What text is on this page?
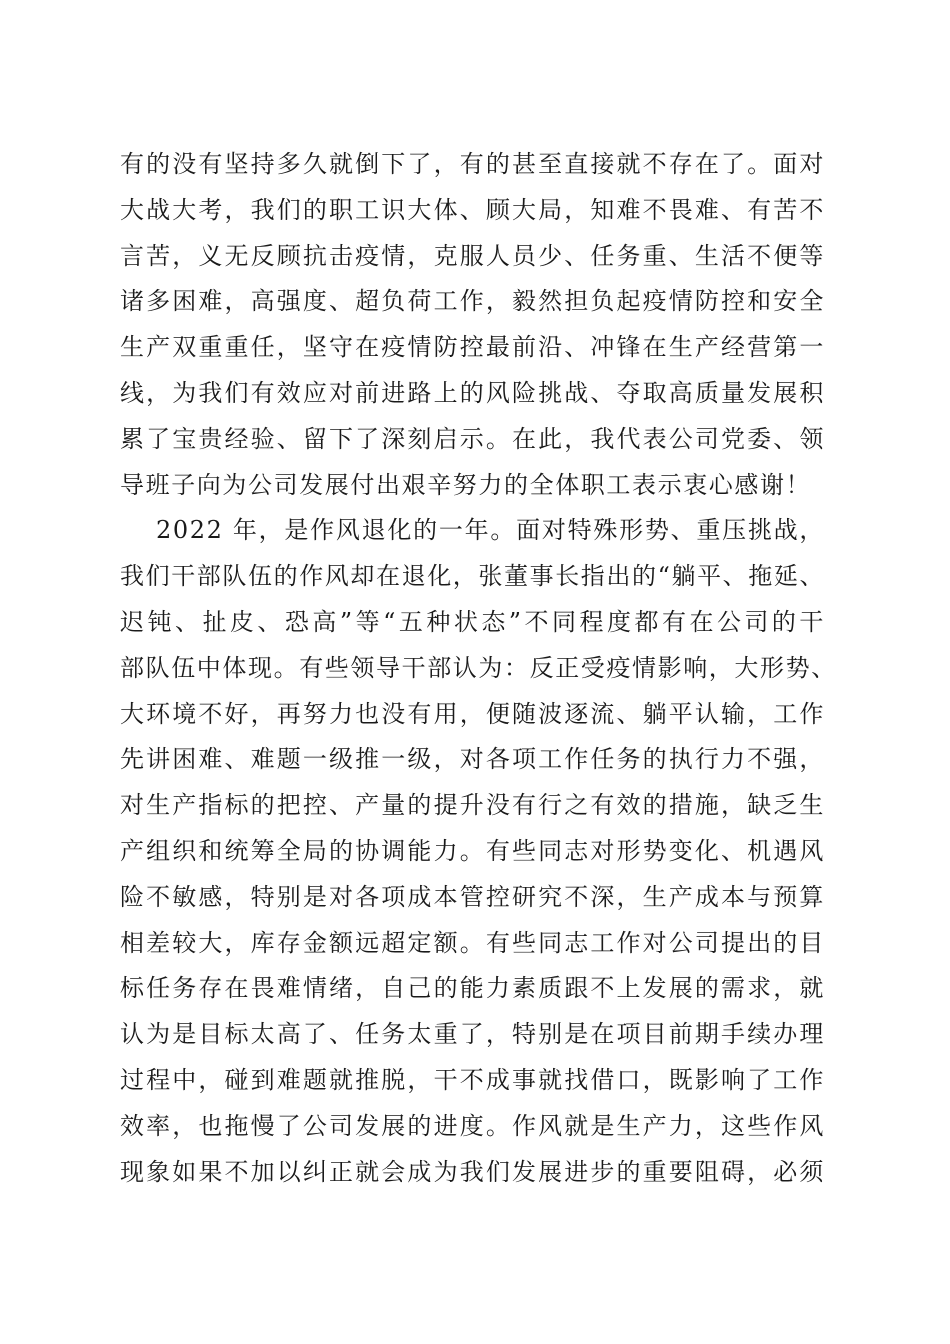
有的没有坚持多久就倒下了，有的甚至直接就不存在了。面对
大战大考，我们的职工识大体、顾大局，知难不畏难、有苦不
言苦，义无反顾抗击疫情，克服人员少、任务重、生活不便等
诸多困难，高强度、超负荷工作，毅然担负起疫情防控和安全
生产双重重任，坚守在疫情防控最前沿、冲锋在生产经营第一
线，为我们有效应对前进路上的风险挑战、夺取高质量发展积
累了宝贵经验、留下了深刻启示。在此，我代表公司党委、领
导班子向为公司发展付出艰辛努力的全体职工表示衷心感谢！
2022 年，是作风退化的一年。面对特殊形势、重压挑战，
我们干部队伍的作风却在退化，张董事长指出的“躺平、拖延、
迟钝、扯皮、恐高”等“五种状态”不同程度都有在公司的干
部队伍中体现。有些领导干部认为：反正受疫情影响，大形势、
大环境不好，再努力也没有用，便随波逐流、躺平认输，工作
先讲困难、难题一级推一级，对各项工作任务的执行力不强，
对生产指标的把控、产量的提升没有行之有效的措施，缺乏生
产组织和统筹全局的协调能力。有些同志对形势变化、机遇风
险不敏感，特别是对各项成本管控研究不深，生产成本与预算
相差较大，库存金额远超定额。有些同志工作对公司提出的目
标任务存在畏难情绪，自己的能力素质跟不上发展的需求，就
认为是目标太高了、任务太重了，特别是在项目前期手续办理
过程中，碰到难题就推脱，干不成事就找借口，既影响了工作
效率，也拖慢了公司发展的进度。作风就是生产力，这些作风
现象如果不加以纠正就会成为我们发展进步的重要阻碍，必须
